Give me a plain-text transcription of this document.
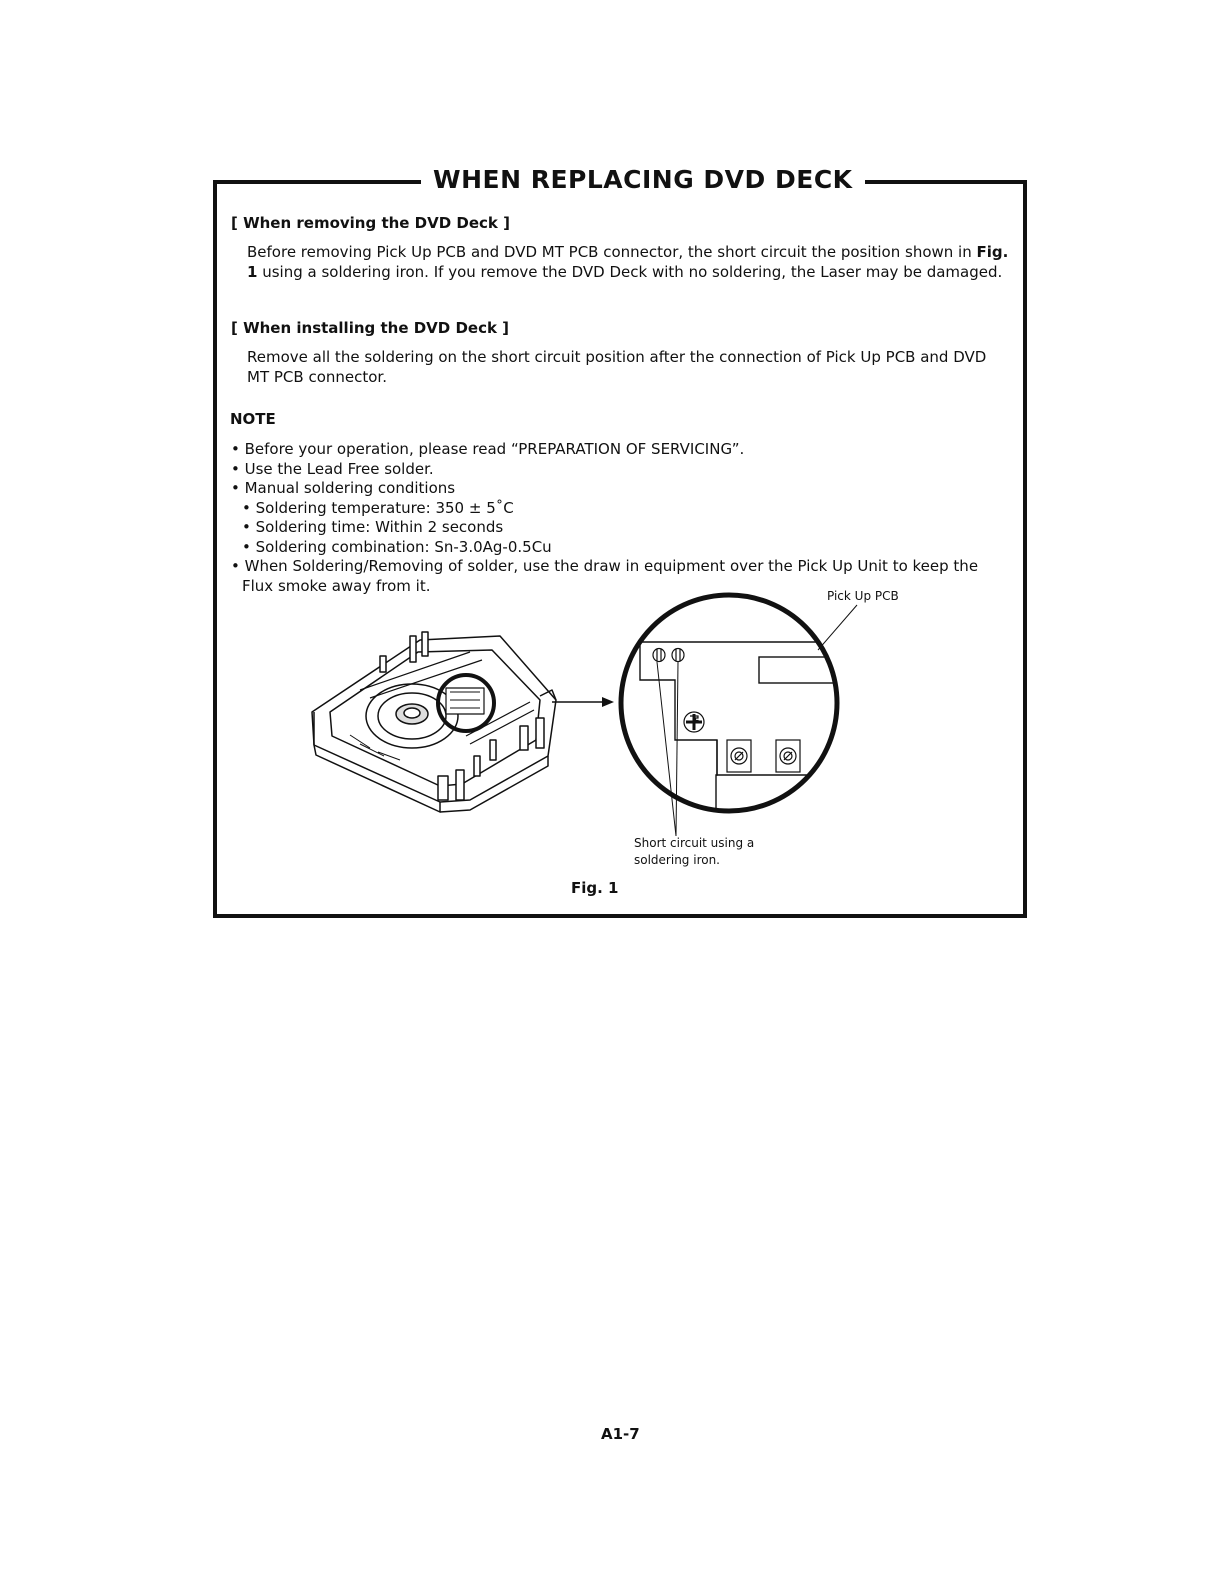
WHEN REPLACING DVD DECK
[ When removing the DVD Deck ]
Before removing Pick Up PCB and DVD MT PCB connector, the short circuit the position shown in Fig.
1 using a soldering iron. If you remove the DVD Deck with no soldering, the Laser may be damaged.
[ When installing the DVD Deck ]
Remove all the soldering on the short circuit position after the connection of Pick Up PCB and DVD
MT PCB connector.
NOTE
• Before your operation, please read “PREPARATION OF SERVICING”.
• Use the Lead Free solder.
• Manual soldering conditions
• Soldering temperature: 350 ± 5˚C
• Soldering time: Within 2 seconds
• Soldering combination: Sn-3.0Ag-0.5Cu
• When Soldering/Removing of solder, use the draw in equipment over the Pick Up Unit to keep the
Flux smoke away from it.
Pick Up PCB
Short circuit using a
soldering iron.
Fig. 1
A1-7
